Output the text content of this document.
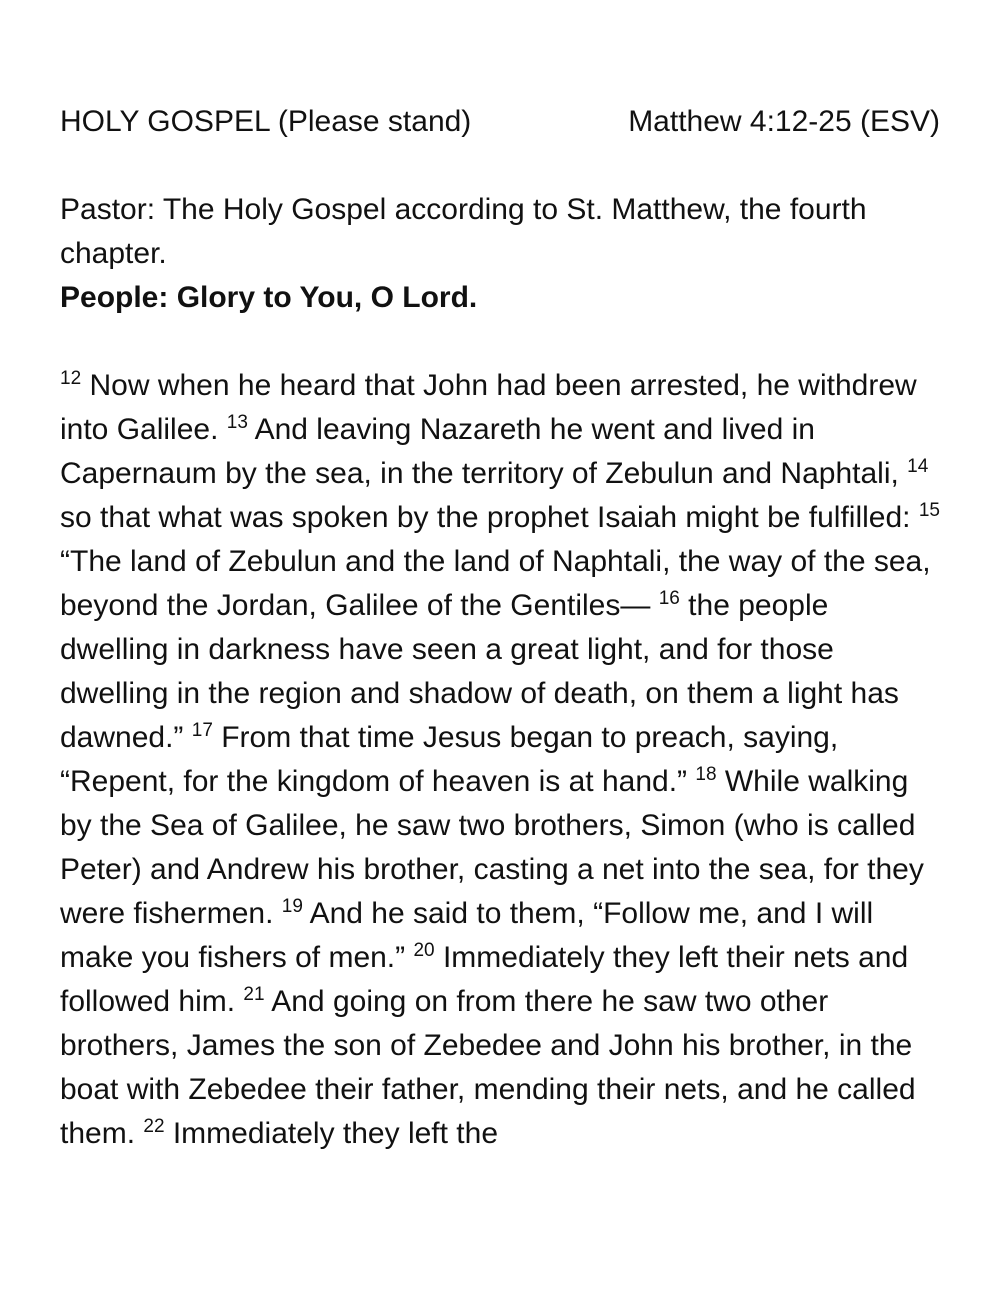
HOLY GOSPEL (Please stand)	Matthew 4:12-25 (ESV)
Pastor: The Holy Gospel according to St. Matthew, the fourth chapter.
People: Glory to You, O Lord.
$^{12}$ Now when he heard that John had been arrested, he withdrew into Galilee. $^{13}$ And leaving Nazareth he went and lived in Capernaum by the sea, in the territory of Zebulun and Naphtali, $^{14}$ so that what was spoken by the prophet Isaiah might be fulfilled: $^{15}$ “The land of Zebulun and the land of Naphtali, the way of the sea, beyond the Jordan, Galilee of the Gentiles— $^{16}$ the people dwelling in darkness have seen a great light, and for those dwelling in the region and shadow of death, on them a light has dawned.” $^{17}$ From that time Jesus began to preach, saying, “Repent, for the kingdom of heaven is at hand.” $^{18}$ While walking by the Sea of Galilee, he saw two brothers, Simon (who is called Peter) and Andrew his brother, casting a net into the sea, for they were fishermen. $^{19}$ And he said to them, “Follow me, and I will make you fishers of men.” $^{20}$ Immediately they left their nets and followed him. $^{21}$ And going on from there he saw two other brothers, James the son of Zebedee and John his brother, in the boat with Zebedee their father, mending their nets, and he called them. $^{22}$ Immediately they left the
